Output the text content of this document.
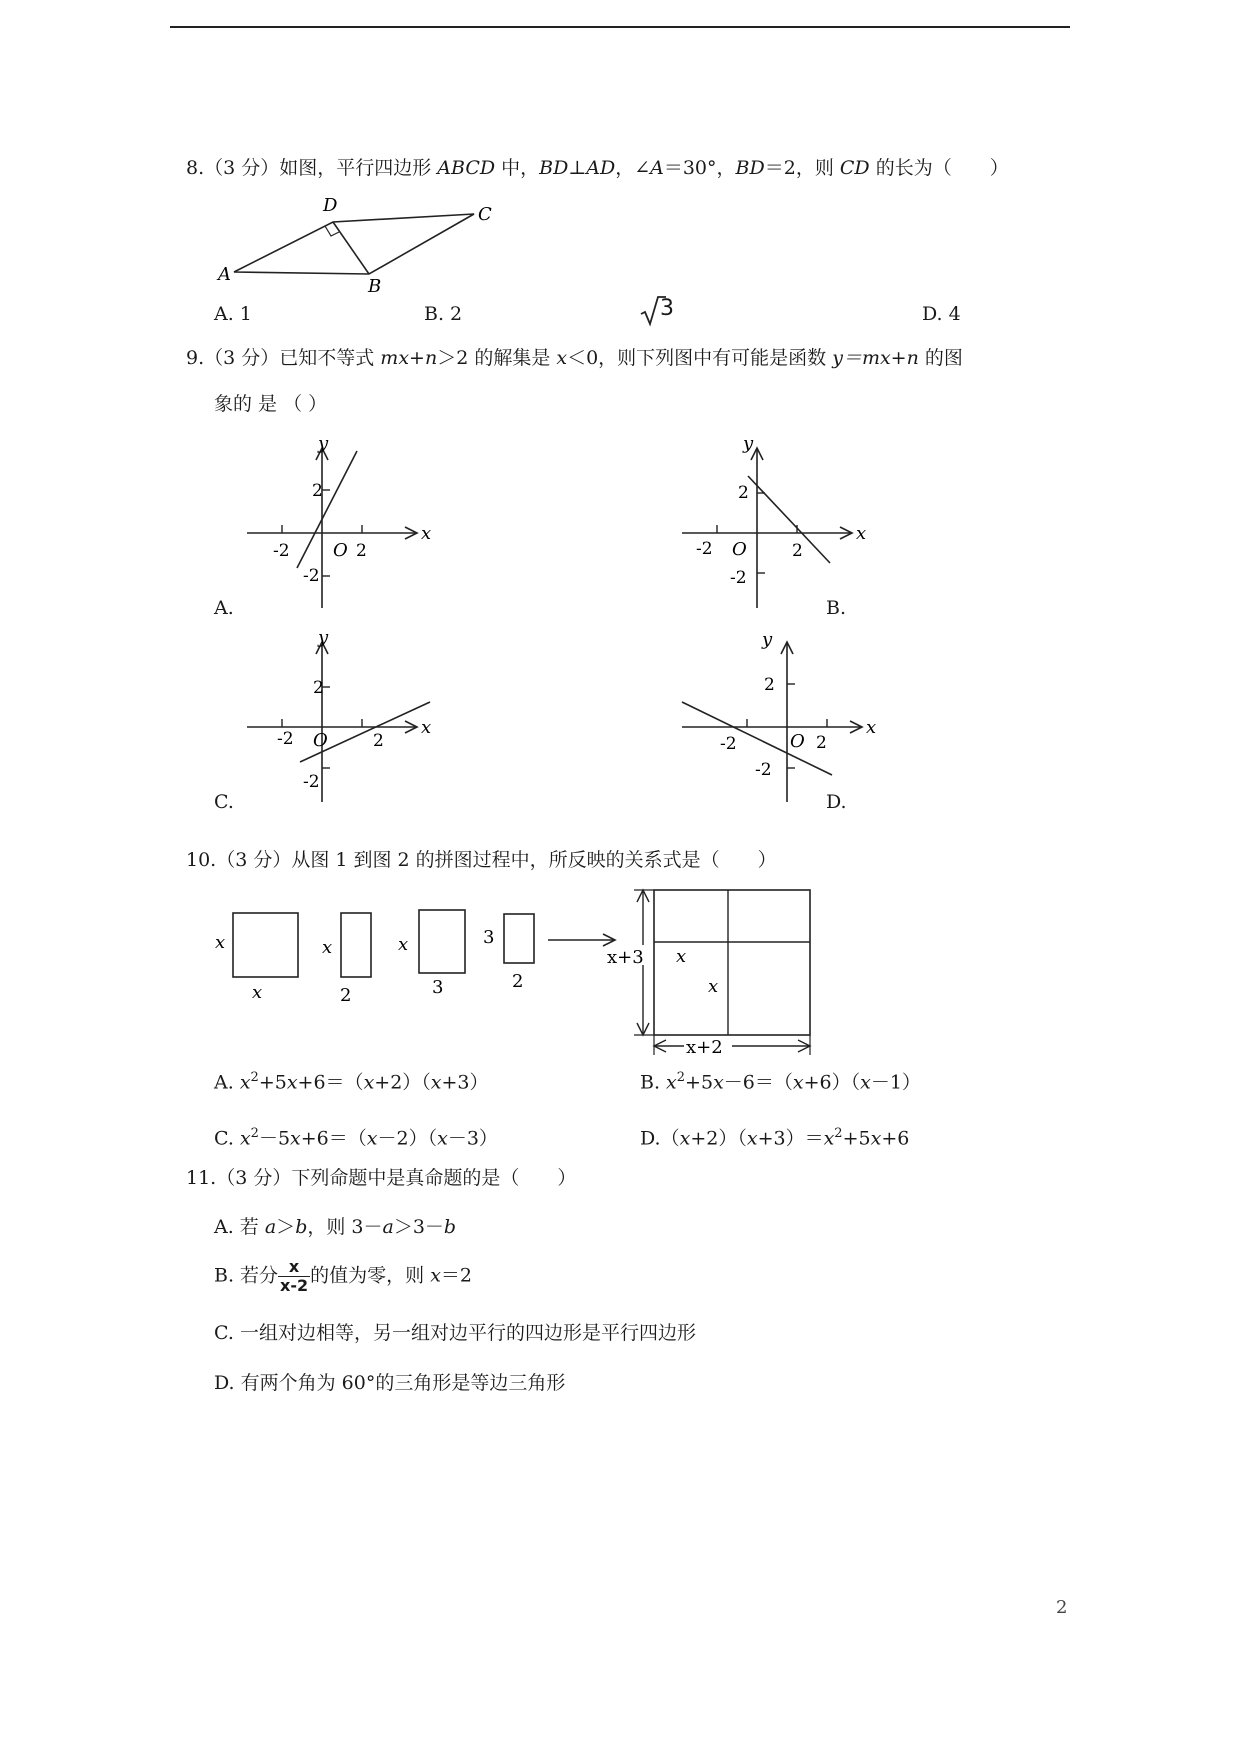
8.（3 分）如图，平行四边形 ABCD 中，BD⊥AD，∠A＝30°，BD＝2，则 CD 的长为（　　）
A
D	C
B
A. 1	B. 2	3	D. 4
9.（3 分）已知不等式 mx+n＞2 的解集是 x＜0，则下列图中有可能是函数 y＝mx+n 的图
象的 是 （ ）
x
y
O
2
-2
-2	2
A.
x
y
O
2
-2
-2	2
B.
x
y
O
2
-2
-2	2
C.
x
y
O
2
-2
-2	2
D.
10.（3 分）从图 1 到图 2 的拼图过程中，所反映的关系式是（　　）
x
x
x
2
x
3
3
2
x+3
x+2
x
x
A. $x^2+5x+6=(x+2)(x+3)$	B. $x^2+5x-6=(x+6)(x-1)$
C. $x^2-5x+6=(x-2)(x-3)$	$D.(x+2)(x+3)=x^2+5x+6$
11.（3 分）下列命题中是真命题的是（　　）
A. 若 a＞b，则 3－a＞3－b
B. 若分 $\frac{x}{x-2}$ 的值为零，则 x＝2
C. 一组对边相等，另一组对边平行的四边形是平行四边形
D. 有两个角为 60°的三角形是等边三角形
2
